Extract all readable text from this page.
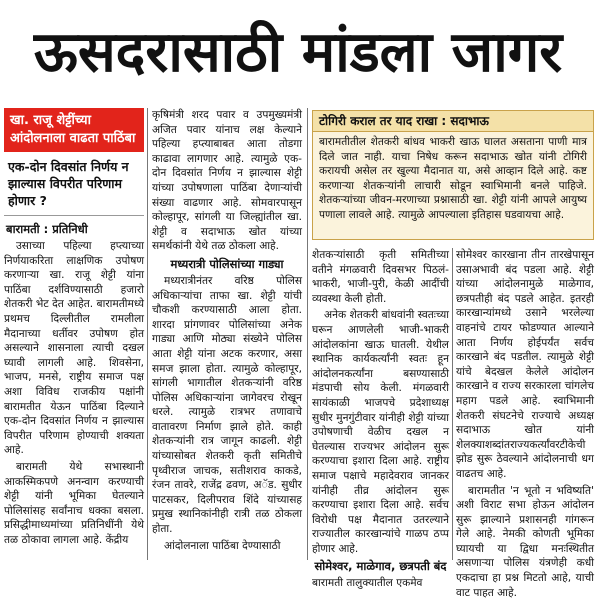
ऊसदरासाठी मांडला जागर
खा. राजू शेट्टींच्या आंदोलनाला वाढता पाठिंबा
एक-दोन दिवसांत निर्णय न झाल्यास विपरीत परिणाम होणार ?
बारामती : प्रतिनिधी

उसाच्या पहिल्या हप्त्याच्या निर्णयाकरिता लाक्षणिक उपोषण करणाऱ्या खा. राजू शेट्टी यांना पाठिंबा दर्शविण्यासाठी हजारो शेतकरी भेट देत आहेत. बारामतीमध्ये प्रथमच दिल्लीतील रामलीला मैदानाच्या धर्तीवर उपोषण होत असल्याने शासनाला त्याची दखल घ्यावी लागली आहे. शिवसेना, भाजप, मनसे, राष्ट्रीय समाज पक्ष अशा विविध राजकीय पक्षांनी बारामतीत येऊन पाठिंबा दिल्याने एक-दोन दिवसांत निर्णय न झाल्यास विपरीत परिणाम होण्याची शक्यता आहे.

बारामती येथे सभास्थानी आकस्मिकपणे अनन्वाग करण्याची शेट्टी यांनी भूमिका घेतल्याने पोलिसांसह सर्वांनाच धक्का बसला. प्रसिद्धीमाध्यमांच्या प्रतिनिधींनी येथे तळ ठोकावा लागला आहे. केंद्रीय

कृषिमंत्री शरद पवार व उपमुख्यमंत्री अजित पवार यांनाच लक्ष केल्याने पहिल्या हप्त्याबाबत आता तोडगा काढावा लागणार आहे. त्यामुळे एक-दोन दिवसांत निर्णय न झाल्यास शेट्टी यांच्या उपोषणाला पाठिंबा देणाऱ्यांची संख्या वाढणार आहे. सोमवारपासून कोल्हापूर, सांगली या जिल्ह्यांतील खा. शेट्टी व सदाभाऊ खोत यांच्या समर्थकांनी येथे तळ ठोकला आहे.

मध्यरात्री पोलिसांच्या गाड्या

मध्यरात्रीनंतर वरिष्ठ पोलिस अधिकाऱ्यांचा ताफा खा. शेट्टी यांची चौकशी करण्यासाठी आला होता. शारदा प्रांगणावर पोलिसांच्या अनेक गाड्या आणि मोठ्या संख्येने पोलिस आता शेट्टी यांना अटक करणार, असा समज झाला होता. त्यामुळे कोल्हापूर, सांगली भागातील शेतकऱ्यांनी वरिष्ठ पोलिस अधिकाऱ्यांना जागेवरच रोखून धरले. त्यामुळे रात्रभर तणावाचे वातावरण निर्माण झाले होते. काही शेतकऱ्यांनी रात्र जागून काढली. शेट्टी यांच्यासोबत शेतकरी कृती समितीचे पृथ्वीराज जाचक, सतीशराव काकडे, रंजन तावरे, राजेंद्र ढवण, अॅड. सुधीर पाटसकर, दिलीपराव शिंदे यांच्यासह प्रमुख स्थानिकांनीही रात्री तळ ठोकला होता.

आंदोलनाला पाठिंबा देण्यासाठी

टोगिरी कराल तर याद राखा : सदाभाऊ
बारामतीतील शेतकरी बांधव भाकरी खाऊ घालत असताना पाणी मात्र दिले जात नाही. याचा निषेध करून सदाभाऊ खोत यांनी टोगिरी करायची असेल तर खुल्या मैदानात या, असे आव्हान दिले आहे. कष्ट करणाऱ्या शेतकऱ्यांनी लाचारी सोडून स्वाभिमानी बनले पाहिजे. शेतकऱ्यांच्या जीवन-मरणाच्या प्रश्नासाठी खा. शेट्टी यांनी आपले आयुष्य पणाला लावले आहे. त्यामुळे आपल्याला इतिहास घडवायचा आहे.

शेतकऱ्यांसाठी कृती समितीच्या वतीने मंगळवारी दिवसभर पिठलं-भाकरी, भाजी-पुरी, केळी आदींची व्यवस्था केली होती.

अनेक शेतकरी बांधवांनी स्वतःच्या घरून आणलेली भाजी-भाकरी आंदोलकांना खाऊ घातली. येथील स्थानिक कार्यकर्त्यांनी स्वतः हून आंदोलनकर्त्यांना बसण्यासाठी मंडपाची सोय केली. मंगळवारी सायंकाळी भाजपचे प्रदेशाध्यक्ष सुधीर मुनगुंटीवार यांनीही शेट्टी यांच्या उपोषणाची वेळीच दखल न घेतल्यास राज्यभर आंदोलन सुरू करण्याचा इशारा दिला आहे. राष्ट्रीय समाज पक्षाचे महादेवराव जानकर यांनीही तीव्र आंदोलन सुरू करण्याचा इशारा दिला आहे. सर्वच विरोधी पक्ष मैदानात उतरल्याने राज्यातील कारखान्यांचे गाळप ठप्प होणार आहे.

सोमेश्वर, माळेगाव, छत्रपती बंद

बारामती तालुक्यातील एकमेव

सोमेश्वर कारखाना तीन तारखेपासून उसाअभावी बंद पडला आहे. शेट्टी यांच्या आंदोलनामुळे माळेगाव, छत्रपतीही बंद पडले आहेत. इतरही कारखान्यांमध्ये उसाने भरलेल्या वाहनांचे टायर फोडण्यात आल्याने आता निर्णय होईपर्यंत सर्वच कारखाने बंद पडतील. त्यामुळे शेट्टी यांचे बेदखल केलेले आंदोलन कारखाने व राज्य सरकारला चांगलेच महाग पडले आहे. स्वाभिमानी शेतकरी संघटनेचे राज्याचे अध्यक्ष सदाभाऊ खोत यांनी शेलक्याशब्दांतराज्यकर्त्यांवरटीकेची झोड सुरू ठेवल्याने आंदोलनाची धग वाढतच आहे.

बारामतीत 'न भूतो न भविष्यति' अशी विराट सभा होऊन आंदोलन सुरू झाल्याने प्रशासनही गांगरून गेले आहे. नेमकी कोणती भूमिका घ्यायची या द्विधा मनःस्थितीत असणाऱ्या पोलिस यंत्रणेही कधी एकदाचा हा प्रश्न मिटतो आहे, याची वाट पाहत आहे.
